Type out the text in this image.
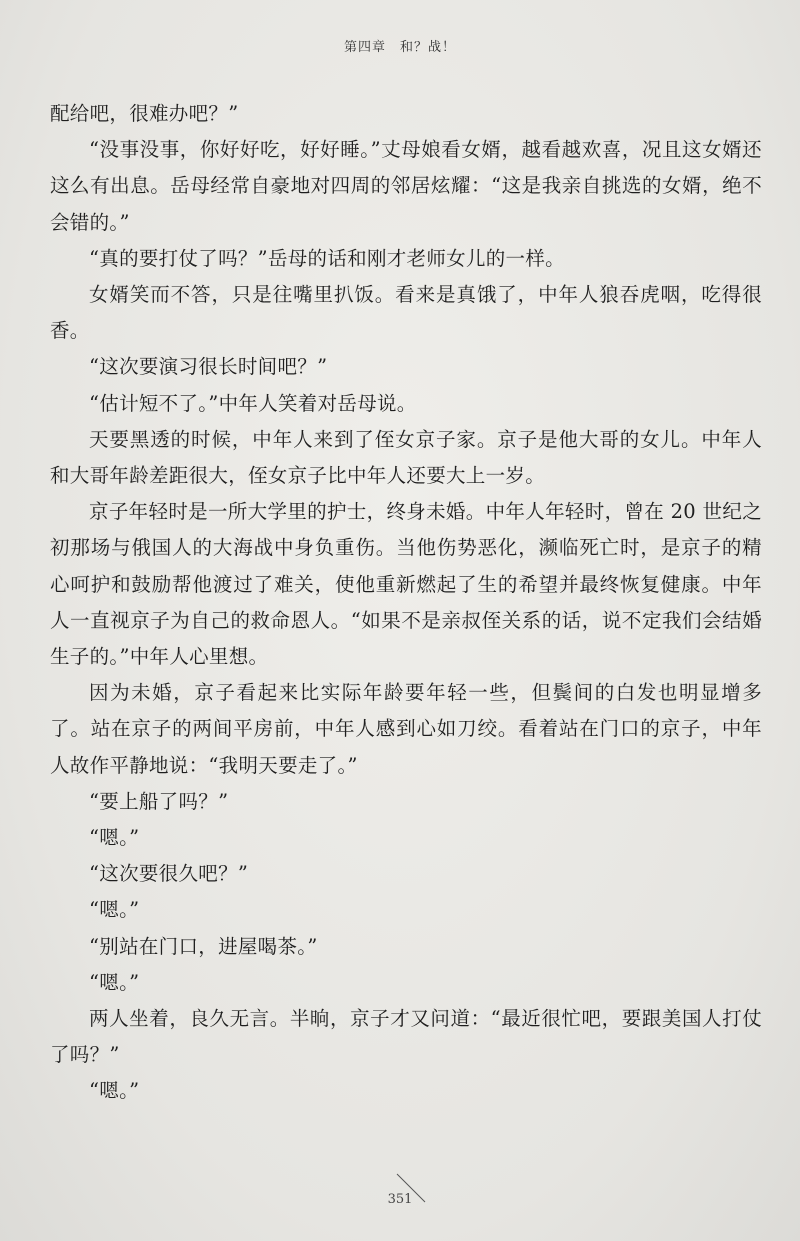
第四章　和？战！

配给吧，很难办吧？”

“没事没事，你好好吃，好好睡。”丈母娘看女婿，越看越欢喜，况且这女婿还这么有出息。岳母经常自豪地对四周的邻居炫耀：“这是我亲自挑选的女婿，绝不会错的。”

“真的要打仗了吗？”岳母的话和刚才老师女儿的一样。

女婿笑而不答，只是往嘴里扒饭。看来是真饿了，中年人狼吞虎咽，吃得很香。

“这次要演习很长时间吧？”

“估计短不了。”中年人笑着对岳母说。

天要黑透的时候，中年人来到了侄女京子家。京子是他大哥的女儿。中年人和大哥年龄差距很大，侄女京子比中年人还要大上一岁。

京子年轻时是一所大学里的护士，终身未婚。中年人年轻时，曾在 20 世纪之初那场与俄国人的大海战中身负重伤。当他伤势恶化，濒临死亡时，是京子的精心呵护和鼓励帮他渡过了难关，使他重新燃起了生的希望并最终恢复健康。中年人一直视京子为自己的救命恩人。“如果不是亲叔侄关系的话，说不定我们会结婚生子的。”中年人心里想。

因为未婚，京子看起来比实际年龄要年轻一些，但鬓间的白发也明显增多了。站在京子的两间平房前，中年人感到心如刀绞。看着站在门口的京子，中年人故作平静地说：“我明天要走了。”

“要上船了吗？”

“嗯。”

“这次要很久吧？”

“嗯。”

“别站在门口，进屋喝茶。”

“嗯。”

两人坐着，良久无言。半晌，京子才又问道：“最近很忙吧，要跟美国人打仗了吗？”

“嗯。”

351
